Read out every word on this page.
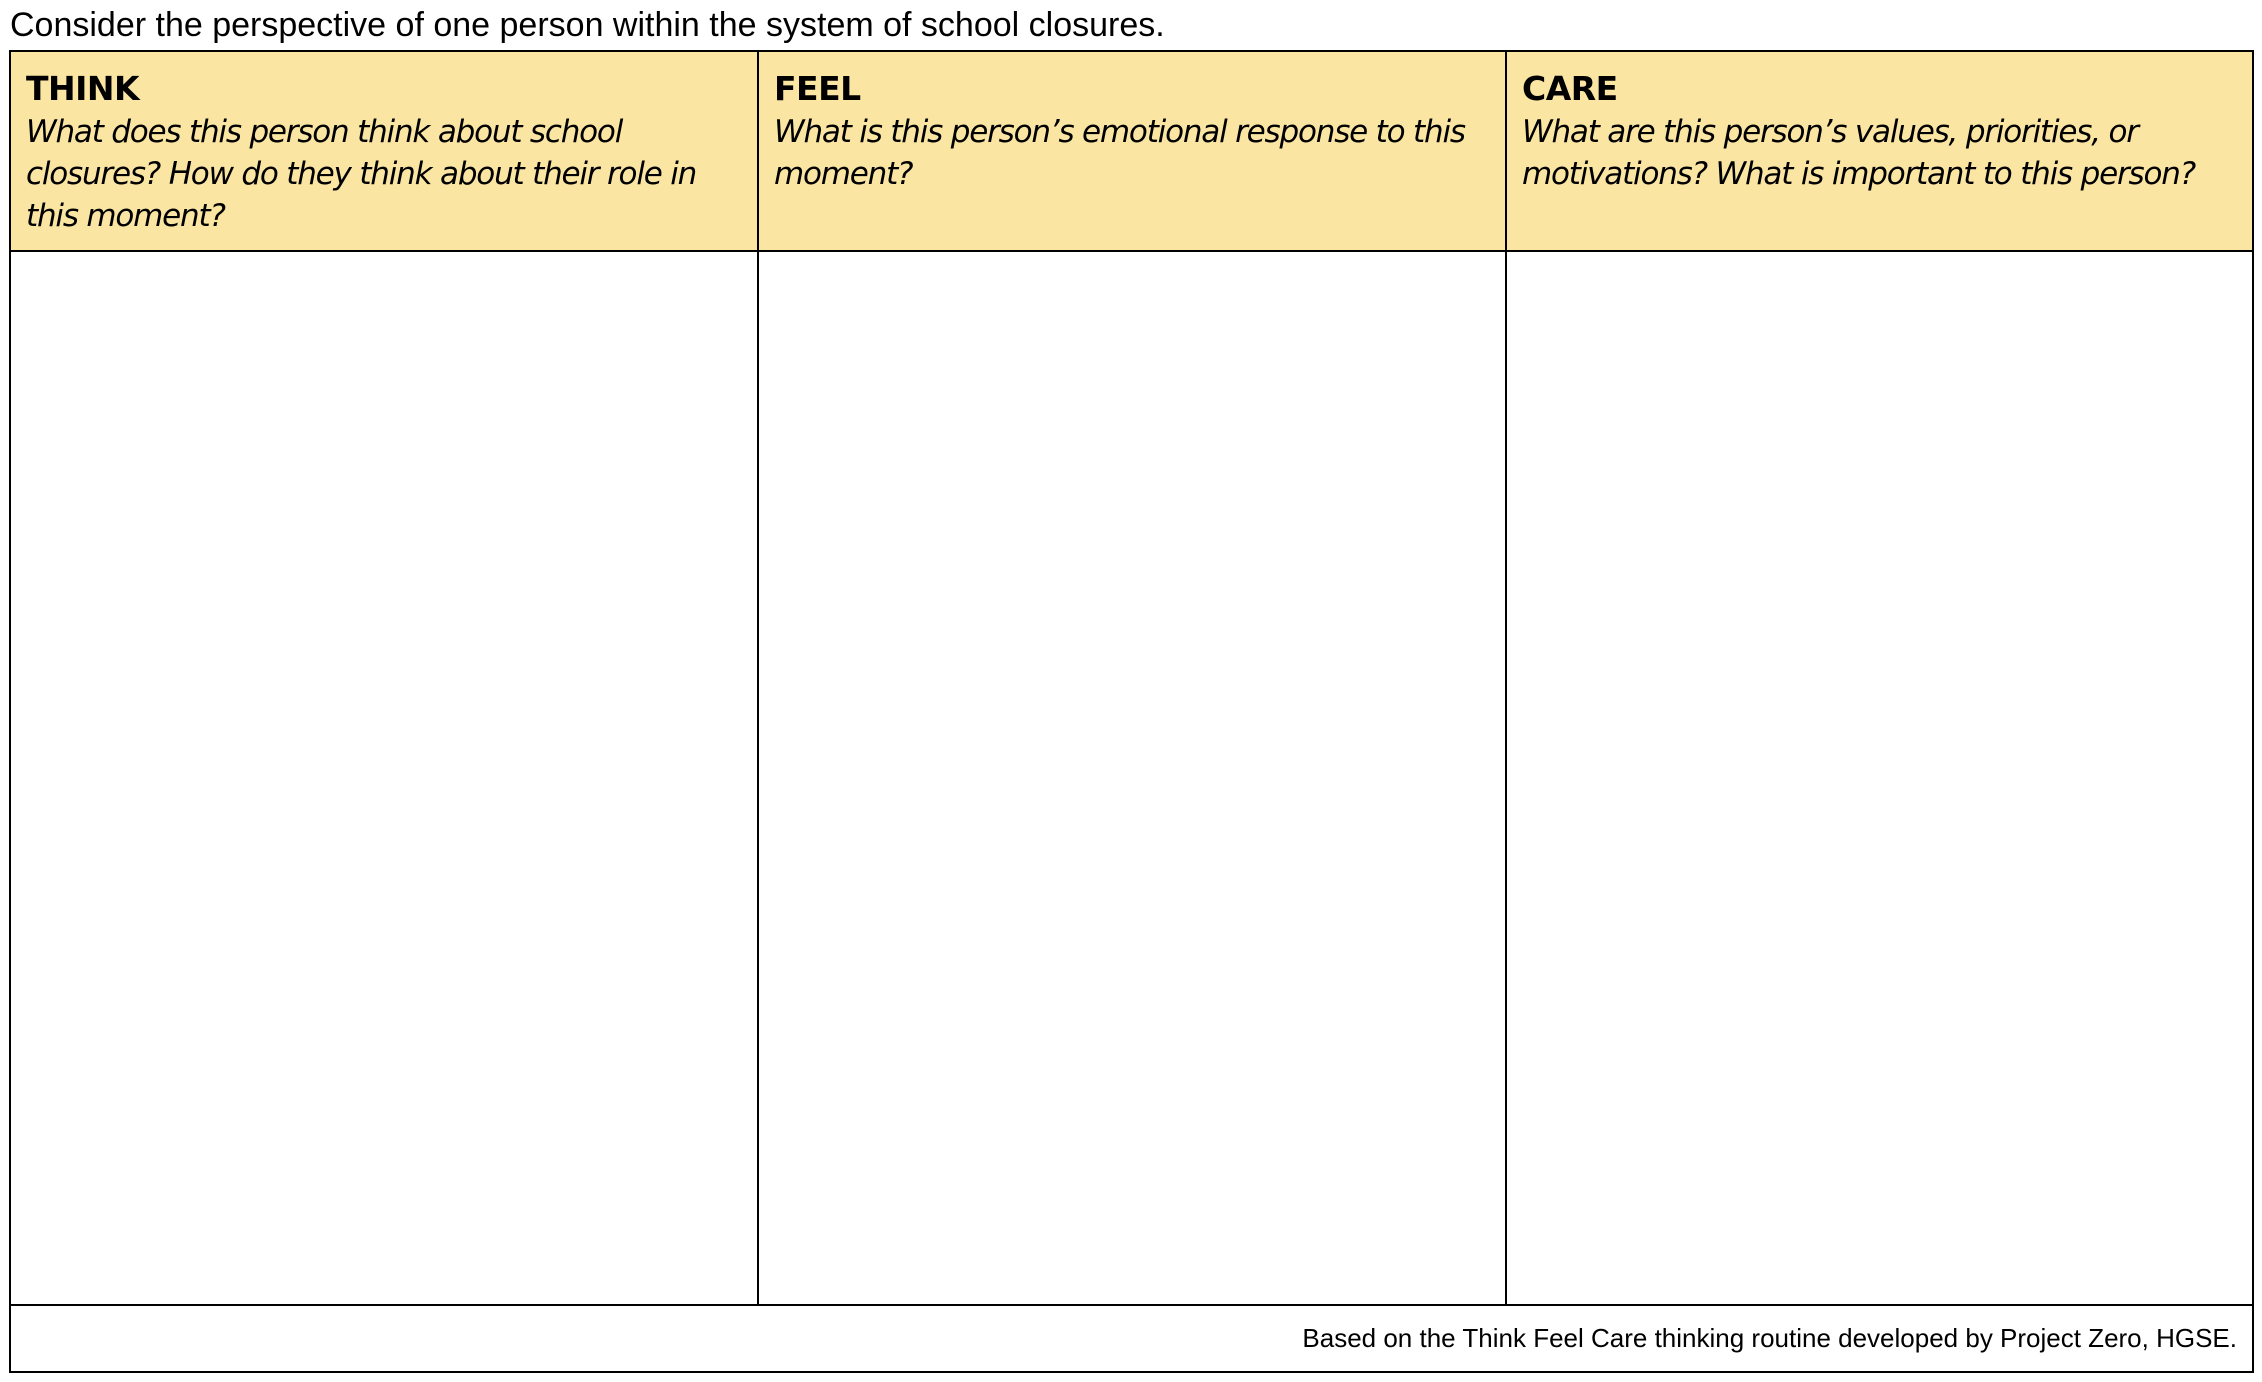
Consider the perspective of one person within the system of school closures.
THINK
What does this person think about school closures? How do they think about their role in this moment?
FEEL
What is this person’s emotional response to this moment?
CARE
What are this person’s values, priorities, or motivations? What is important to this person?
Based on the Think Feel Care thinking routine developed by Project Zero, HGSE.
